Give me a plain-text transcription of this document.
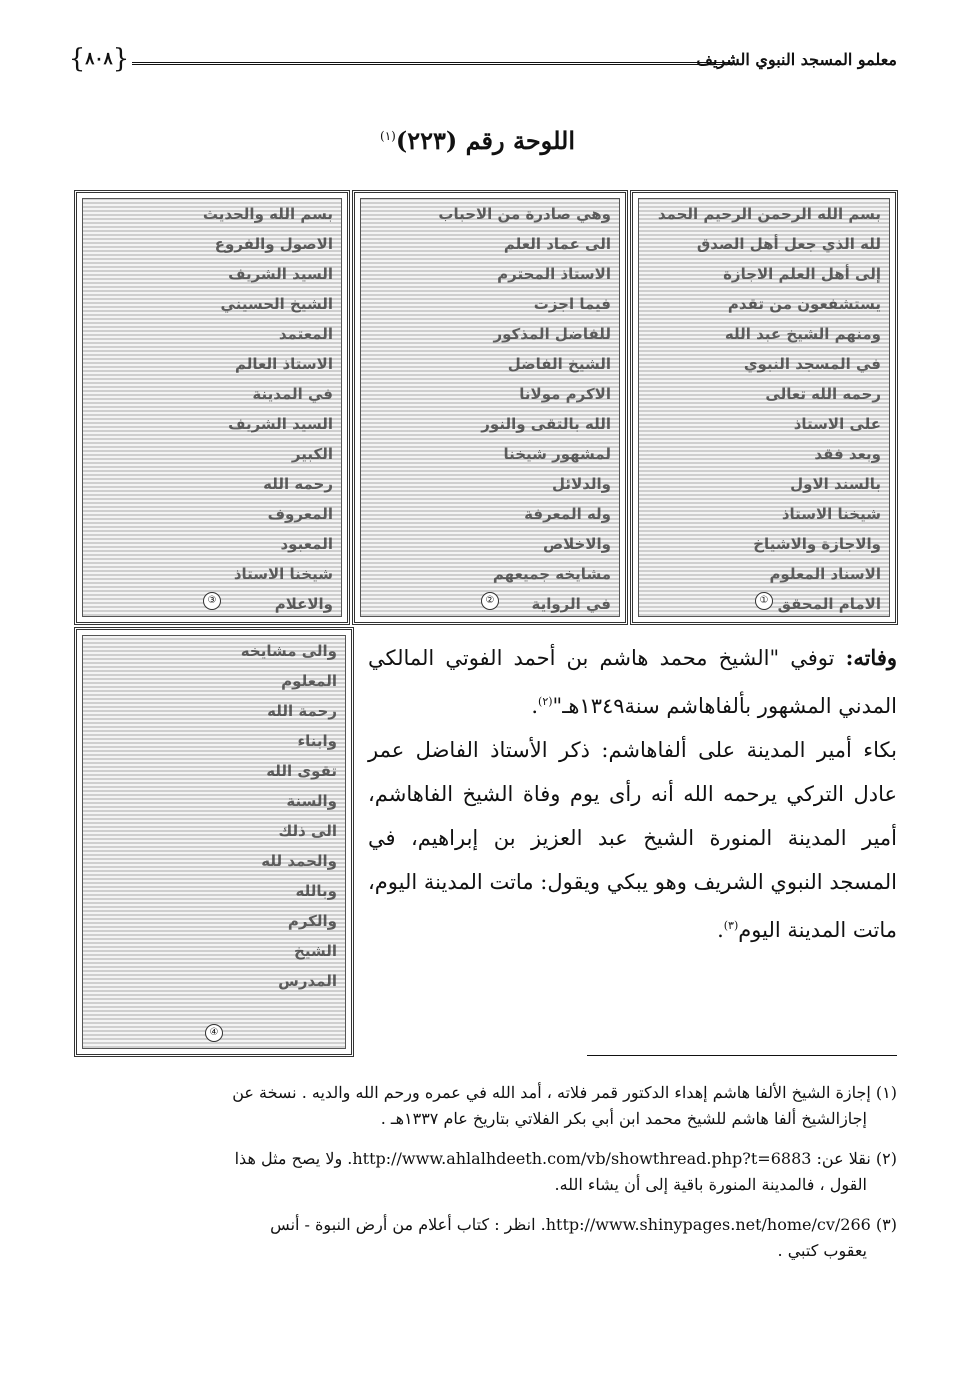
معلمو المسجد النبوي الشريف
{ ٨٠٨ }
اللوحة رقم (٢٢٣)$^{(١)}$
بسم الله الرحمن الرحيم الحمد
لله الذي جعل أهل الصدق
إلى أهل العلم الاجازة
يستشفعون من تقدم
ومنهم الشيخ عبد الله
في المسجد النبوي
رحمه الله تعالى
على الاستاذ
وبعد فقد
بالسند الاول
شيخنا الاستاذ
والاجازة والاشياخ
الاسناد المعلوم
الامام المحقق
①
وهي صادرة من الاحباب
الى عماد العلم
الاستاذ المحترم
فيما اجزت
للفاضل المذكور
الشيخ الفاضل
الاكرم مولانا
الله بالتقى والنور
لمشهور شيخنا
والدلائل
وله المعرفة
والاخلاص
مشايخه جميعهم
في الرواية
②
بسم الله والحديث
الاصول والفروع
السيد الشريف
الشيخ الحسيني
المعتمد
الاستاذ العالم
في المدينة
السيد الشريف
الكبير
رحمه الله
المعروف
المعبود
شيخنا الاستاذ
والاعلام
③
والى مشايخه
المعلوم
رحمة الله
وابناء
تقوى الله
والسنة
الى ذلك
والحمد لله
وبالله
والكرم
الشيخ
المدرس
④

وفاته: توفي "الشيخ محمد هاشم بن أحمد الفوتي المالكي المدني المشهور بألفاهاشم سنة١٣٤٩هـ"$^{(٢)}$.

بكاء أمير المدينة على ألفاهاشم: ذكر الأستاذ الفاضل عمر عادل التركي يرحمه الله أنه رأى يوم وفاة الشيخ الفاهاشم، أمير المدينة المنورة الشيخ عبد العزيز بن إبراهيم، في المسجد النبوي الشريف وهو يبكي ويقول: ماتت المدينة اليوم، ماتت المدينة اليوم$^{(٣)}$.

(١) إجازة الشيخ الألفا هاشم إهداء الدكتور قمر فلاته ، أمد الله في عمره ورحم الله والديه . نسخة عن
إجازالشيخ ألفا هاشم للشيخ محمد ابن أبي بكر الفلاتي بتاريخ عام ١٣٣٧هـ .
(٢) نقلا عن: http://www.ahlalhdeeth.com/vb/showthread.php?t=6883. ولا يصح مثل هذا
القول ، فالمدينة المنورة باقية إلى أن يشاء الله.
(٣) http://www.shinypages.net/home/cv/266. انظر : كتاب أعلام من أرض النبوة - أنس
يعقوب كتبي .
